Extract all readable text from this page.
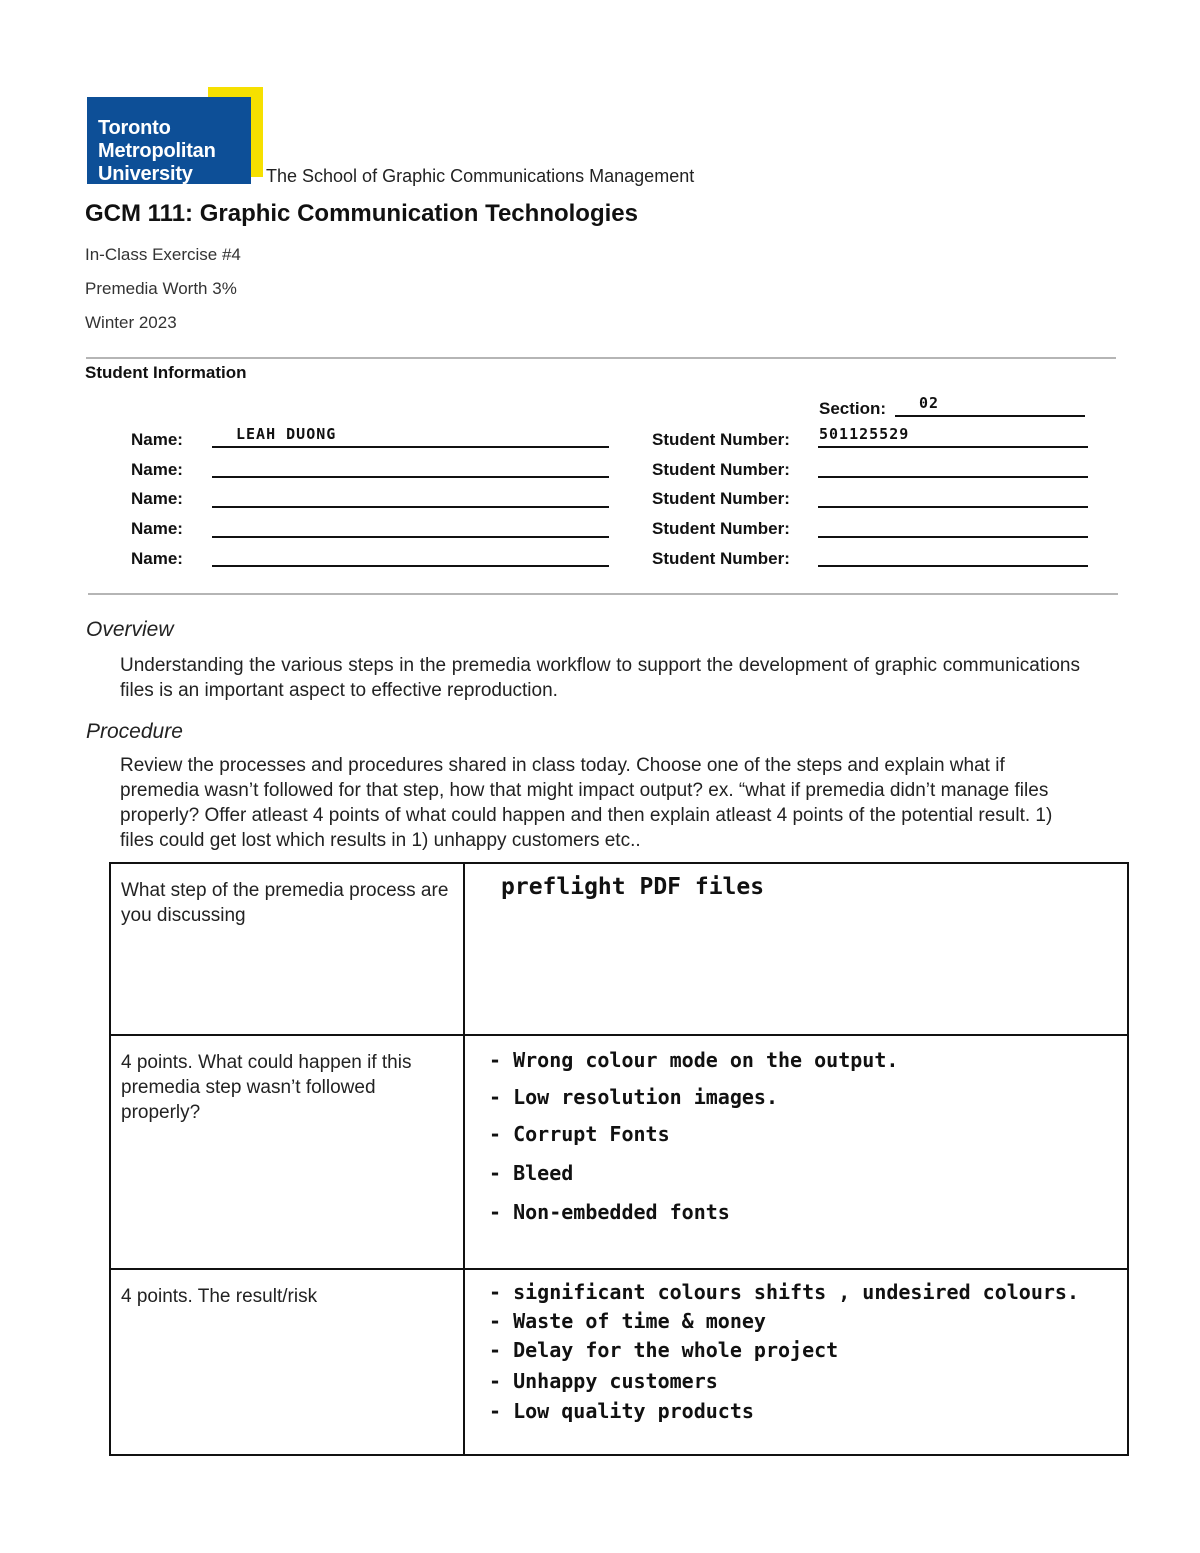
Toronto
Metropolitan
University	The School of Graphic Communications Management
GCM 111: Graphic Communication Technologies
In-Class Exercise #4
Premedia Worth 3%
Winter 2023
Student Information
Section: 02
Name:	LEAH DUONG	Student Number: 501125529
Name:	Student Number:
Name:	Student Number:
Name:	Student Number:
Name:	Student Number:
Overview
Understanding the various steps in the premedia workflow to support the development of graphic communications files is an important aspect to effective reproduction.
Procedure
Review the processes and procedures shared in class today. Choose one of the steps and explain what if premedia wasn’t followed for that step, how that might impact output? ex. “what if premedia didn’t manage files properly? Offer atleast 4 points of what could happen and then explain atleast 4 points of the potential result. 1) files could get lost which results in 1) unhappy customers etc..
What step of the premedia process are you discussing	preflight PDF files

4 points. What could happen if this premedia step wasn’t followed properly?	- Wrong colour mode on the output.
- Low resolution images.
- Corrupt Fonts
- Bleed
- Non-embedded fonts

4 points. The result/risk	- significant colours shifts , undesired colours.
- Waste of time & money
- Delay for the whole project
- Unhappy customers
- Low quality products
